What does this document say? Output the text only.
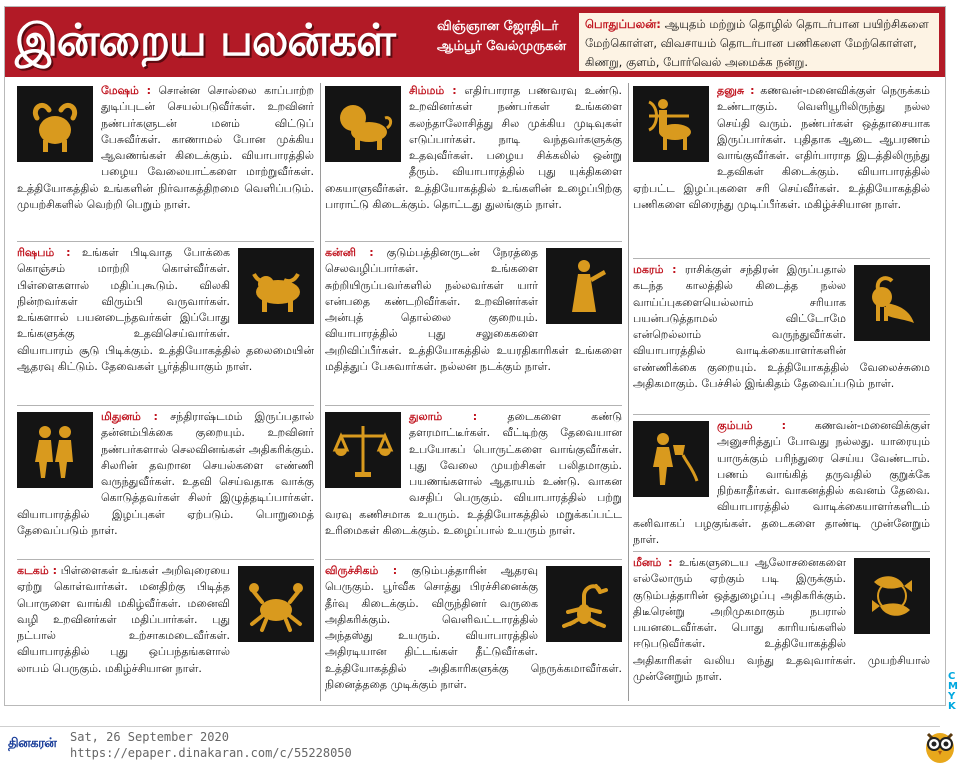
இன்றைய பலன்கள்	விஞ்ஞான ஜோதிடர்
ஆம்பூர் வேல்முருகன்
பொதுப்பலன்: ஆயுதம் மற்றும் தொழில் தொடர்பான பயிற்சிகளை மேற்கொள்ள, விவசாயம் தொடர்பான பணிகளை மேற்கொள்ள, கிணறு, குளம், போர்வெல் அமைக்க நன்று.
மேஷம் : சொன்ன சொல்லை காப்பாற்ற துடிப்புடன் செயல்படுவீர்கள். உறவினர் நண்பர்களுடன் மனம் விட்டுப் பேசுவீர்கள். காணாமல் போன முக்கிய ஆவணங்கள் கிடைக்கும். வியாபாரத்தில் பழைய வேலையாட்களை மாற்றுவீர்கள். உத்தியோகத்தில் உங்களின் நிர்வாகத்திறமை வெளிப்படும். முயற்சிகளில் வெற்றி பெறும் நாள்.
ரிஷபம் : உங்கள் பிடிவாத போக்கை கொஞ்சம் மாற்றி கொள்வீர்கள். பிள்ளைகளால் மதிப்புகூடும். விலகி நின்றவர்கள் விரும்பி வருவார்கள். உங்களால் பயனடைந்தவர்கள் இப்போது உங்களுக்கு உதவிசெய்வார்கள். வியாபாரம் சூடு பிடிக்கும். உத்தியோகத்தில் தலைமையின் ஆதரவு கிட்டும். தேவைகள் பூர்த்தியாகும் நாள்.
மிதுனம் : சந்திராஷ்டமம் இருப்பதால் தன்னம்பிக்கை குறையும். உறவினர் நண்பர்களால் செலவினங்கள் அதிகரிக்கும். சிலரின் தவறான செயல்களை எண்ணி வருந்துவீர்கள். உதவி செய்வதாக வாக்கு கொடுத்தவர்கள் சிலர் இழுத்தடிப்பார்கள். வியாபாரத்தில் இழப்புகள் ஏற்படும். பொறுமைத் தேவைப்படும் நாள்.
கடகம் : பிள்ளைகள் உங்கள் அறிவுரையை ஏற்று கொள்வார்கள். மனதிற்கு பிடித்த பொருளை வாங்கி மகிழ்வீர்கள். மனைவி வழி உறவினர்கள் மதிப்பார்கள். புது நட்பால் உற்சாகமடைவீர்கள். வியாபாரத்தில் புது ஒப்பந்தங்களால் லாபம் பெருகும். மகிழ்ச்சியான நாள்.
சிம்மம் : எதிர்பாராத பணவரவு உண்டு. உறவினர்கள் நண்பர்கள் உங்களை கலந்தாலோசித்து சில முக்கிய முடிவுகள் எடுப்பார்கள். நாடி வந்தவர்களுக்கு உதவுவீர்கள். பழைய சிக்கலில் ஒன்று தீரும். வியாபாரத்தில் புது யுக்திகளை கையாளுவீர்கள். உத்தியோகத்தில் உங்களின் உழைப்பிற்கு பாராட்டு கிடைக்கும். தொட்டது துலங்கும் நாள்.
கன்னி : குடும்பத்தினருடன் நேரத்தை செலவழிப்பார்கள். உங்களை சுற்றியிருப்பவர்களில் நல்லவர்கள் யார் என்பதை கண்டறிவீர்கள். உறவினர்கள் அன்புத் தொல்லை குறையும். வியாபாரத்தில் புது சலுகைகளை அறிவிப்பீர்கள். உத்தியோகத்தில் உயரதிகாரிகள் உங்களை மதித்துப் பேசுவார்கள். நல்லன நடக்கும் நாள்.
துலாம் :	தடைகளை கண்டு தளரமாட்டீர்கள். வீட்டிற்கு தேவையான உபயோகப் பொருட்களை வாங்குவீர்கள். புது வேலை முயற்சிகள் பலிதமாகும். பயணங்களால் ஆதாயம் உண்டு. வாகன வசதிப் பெருகும். வியாபாரத்தில் பற்று வரவு கணிசமாக உயரும். உத்தியோகத்தில் மறுக்கப்பட்ட உரிமைகள் கிடைக்கும். உழைப்பால் உயரும் நாள்.
விருச்சிகம் : குடும்பத்தாரின் ஆதரவு பெருகும். பூர்வீக சொத்து பிரச்சினைக்கு தீர்வு கிடைக்கும். விருந்தினர் வருகை அதிகரிக்கும். வெளிவட்டாரத்தில் அந்தஸ்து உயரும். வியாபாரத்தில் அதிரடியான திட்டங்கள் தீட்டுவீர்கள். உத்தியோகத்தில் அதிகாரிகளுக்கு நெருக்கமாவீர்கள். நினைத்ததை முடிக்கும் நாள்.
தனுசு : கணவன்-மனைவிக்குள் நெருக்கம் உண்டாகும். வெளியூரிலிருந்து நல்ல செய்தி வரும். நண்பர்கள் ஒத்தாசையாக இருப்பார்கள். புதிதாக ஆடை ஆபரணம் வாங்குவீர்கள். எதிர்பாராத இடத்திலிருந்து உதவிகள் கிடைக்கும். வியாபாரத்தில் ஏற்பட்ட இழப்புகளை சரி செய்வீர்கள். உத்தியோகத்தில் பணிகளை விரைந்து முடிப்பீர்கள். மகிழ்ச்சியான நாள்.
மகரம் : ராசிக்குள் சந்திரன் இருப்பதால் கடந்த காலத்தில் கிடைத்த நல்ல வாய்ப்புகளையெல்லாம் சரியாக பயன்படுத்தாமல் விட்டோமே என்றெல்லாம் வருந்துவீர்கள். வியாபாரத்தில் வாடிக்கையாளர்களின் எண்ணிக்கை குறையும். உத்தியோகத்தில் வேலைச்சுமை அதிகமாகும். பேச்சில் இங்கிதம் தேவைப்படும் நாள்.
கும்பம் :	கணவன்-மனைவிக்குள் அனுசரித்துப் போவது நல்லது. யாரையும் யாருக்கும் பரிந்துரை செய்ய வேண்டாம். பணம் வாங்கித் தருவதில் குறுக்கே நிற்காதீர்கள். வாகனத்தில் கவனம் தேவை. வியாபாரத்தில் வாடிக்கையாளர்களிடம் கனிவாகப் பழகுங்கள். தடைகளை தாண்டி முன்னேறும் நாள்.
மீனம் : உங்களுடைய ஆலோசனைகளை எல்லோரும் ஏற்கும் படி இருக்கும். குடும்பத்தாரின் ஒத்துழைப்பு அதிகரிக்கும். திடீரென்று அறிமுகமாகும் நபரால் பயனடைவீர்கள். பொது காரியங்களில் ஈடுபடுவீர்கள். உத்தியோகத்தில் அதிகாரிகள் வலிய வந்து உதவுவார்கள். முயற்சியால் முன்னேறும் நாள்.	C M Y K
தினகரன் Sat, 26 September 2020
https://epaper.dinakaran.com/c/55228050
